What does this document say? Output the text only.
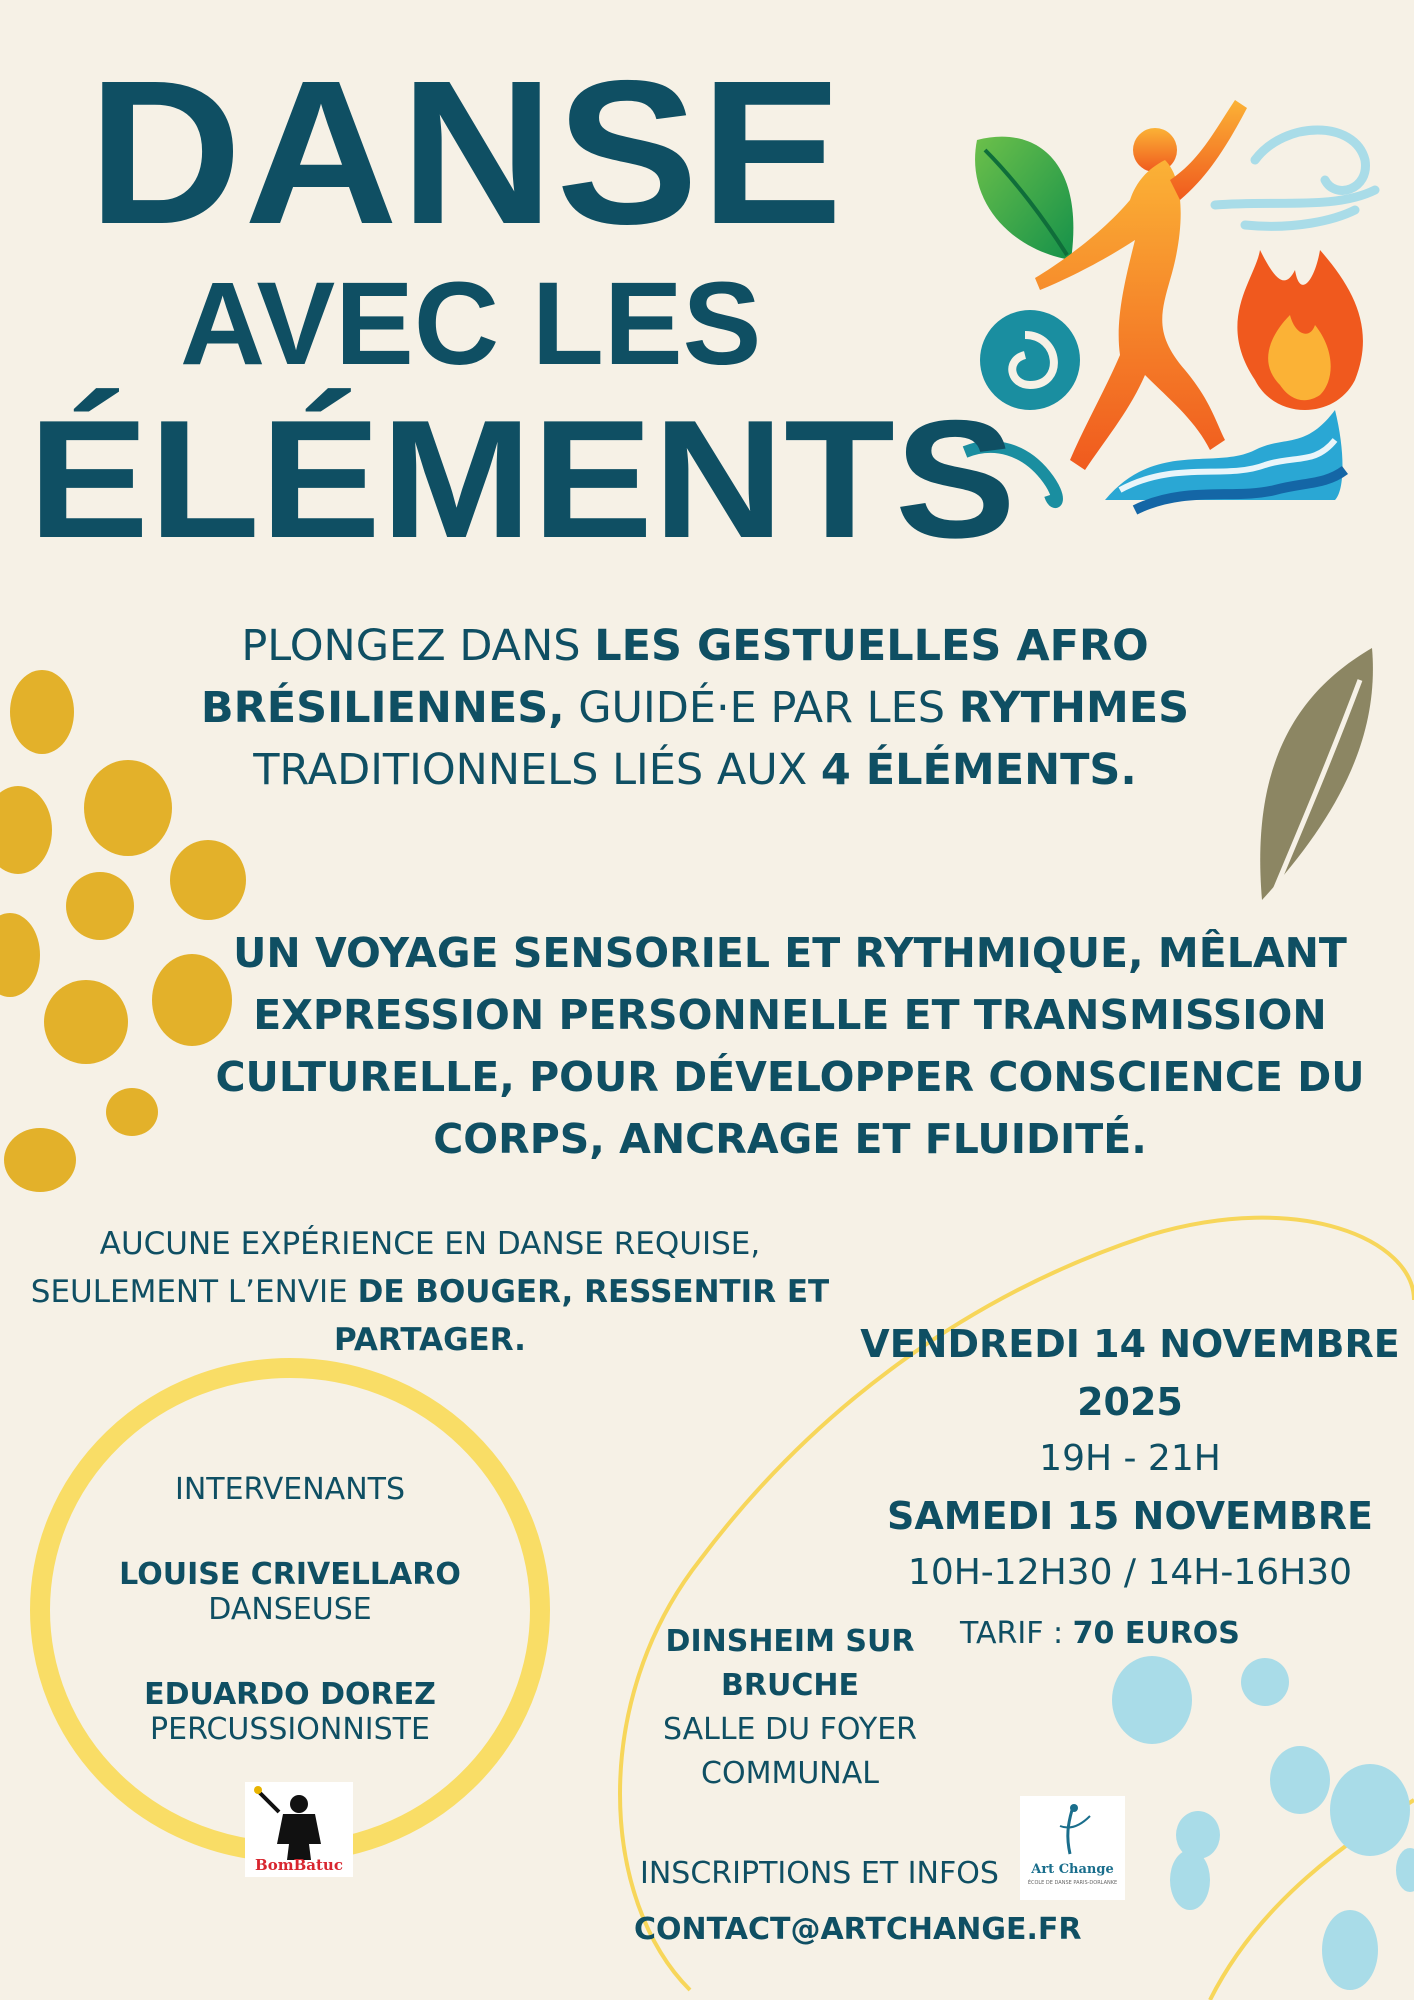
DANSE
AVEC LES
ÉLÉMENTS
PLONGEZ DANS LES GESTUELLES AFRO BRÉSILIENNES, GUIDÉ·E PAR LES RYTHMES TRADITIONNELS LIÉS AUX 4 ÉLÉMENTS.
UN VOYAGE SENSORIEL ET RYTHMIQUE, MÊLANT EXPRESSION PERSONNELLE ET TRANSMISSION CULTURELLE, POUR DÉVELOPPER CONSCIENCE DU CORPS, ANCRAGE ET FLUIDITÉ.
AUCUNE EXPÉRIENCE EN DANSE REQUISE, SEULEMENT L’ENVIE DE BOUGER, RESSENTIR ET PARTAGER.	VENDREDI 14 NOVEMBRE 2025
19H - 21H
SAMEDI 15 NOVEMBRE
10H-12H30 / 14H-16H30
TARIF : 70 EUROS
INTERVENANTS
LOUISE CRIVELLARO
DANSEUSE
EDUARDO DOREZ
PERCUSSIONNISTE
BomBatuc
DINSHEIM SUR BRUCHE
SALLE DU FOYER COMMUNAL
Art Change
ÉCOLE DE DANSE PARIS-DORLANKE
INSCRIPTIONS ET INFOS
CONTACT@ARTCHANGE.FR
